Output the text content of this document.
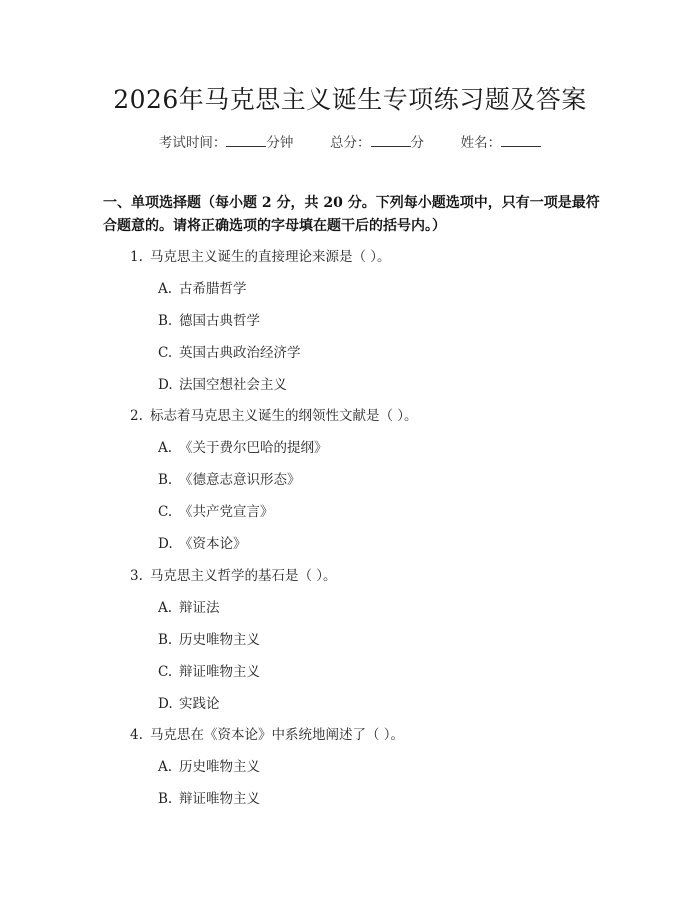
2026年马克思主义诞生专项练习题及答案
考试时间：	分钟	总分：	分	姓名：
一、单项选择题（每小题 2 分，共 20 分。下列每小题选项中，只有一项是最符合题意的。请将正确选项的字母填在题干后的括号内。）
1. 马克思主义诞生的直接理论来源是（ ）。
A. 古希腊哲学
B. 德国古典哲学
C. 英国古典政治经济学
D. 法国空想社会主义
2. 标志着马克思主义诞生的纲领性文献是（ ）。
A. 《关于费尔巴哈的提纲》
B. 《德意志意识形态》
C. 《共产党宣言》
D. 《资本论》
3. 马克思主义哲学的基石是（ ）。
A. 辩证法
B. 历史唯物主义
C. 辩证唯物主义
D. 实践论
4. 马克思在《资本论》中系统地阐述了（ ）。
A. 历史唯物主义
B. 辩证唯物主义
